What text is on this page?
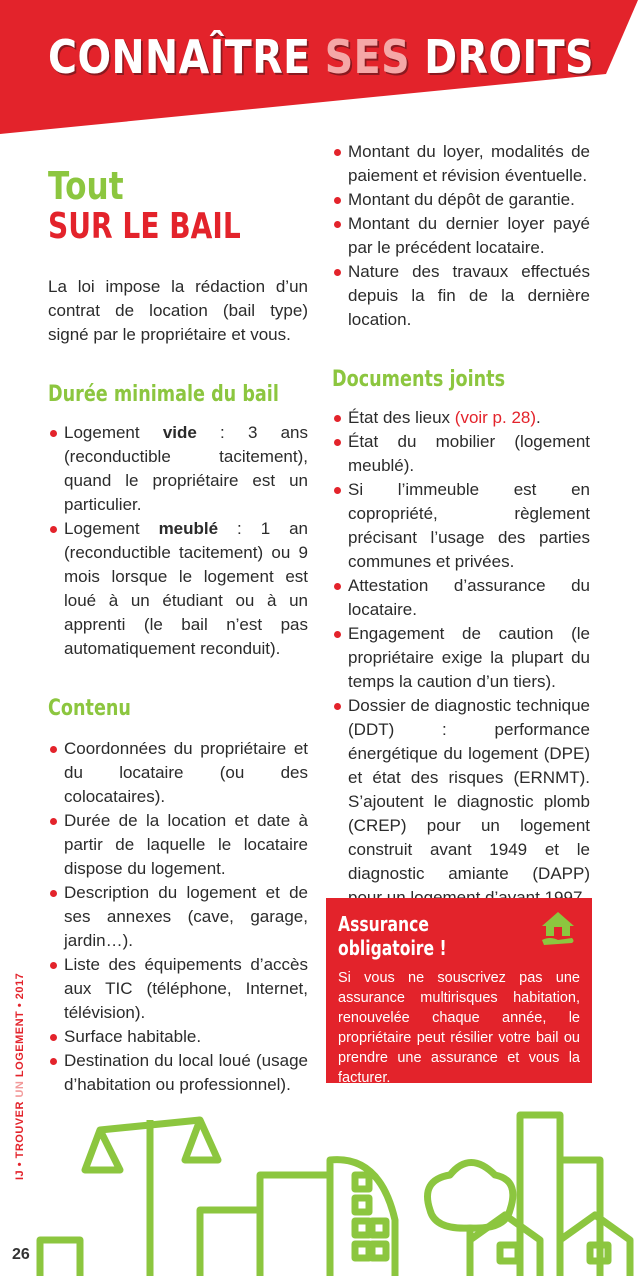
CONNAÎTRE SES DROITS
Tout
SUR LE BAIL

La loi impose la rédaction d’un contrat de location (bail type) signé par le propriétaire et vous.

Durée minimale du bail
Logement vide : 3 ans (reconductible tacitement), quand le propriétaire est un particulier.
Logement meublé : 1 an (reconductible tacitement) ou 9 mois lorsque le logement est loué à un étudiant ou à un apprenti (le bail n’est pas automatiquement reconduit).
Contenu
Coordonnées du propriétaire et du locataire (ou des colocataires).
Durée de la location et date à partir de laquelle le locataire dispose du logement.
Description du logement et de ses annexes (cave, garage, jardin…).
Liste des équipements d’accès aux TIC (téléphone, Internet, télévision).
Surface habitable.
Destination du local loué (usage d’habitation ou professionnel).
Montant du loyer, modalités de paiement et révision éventuelle.
Montant du dépôt de garantie.
Montant du dernier loyer payé par le précédent locataire.
Nature des travaux effectués depuis la fin de la dernière location.
Documents joints
État des lieux (voir p. 28).
État du mobilier (logement meublé).
Si l’immeuble est en copropriété, règlement précisant l’usage des parties communes et privées.
Attestation d’assurance du locataire.
Engagement de caution (le propriétaire exige la plupart du temps la caution d’un tiers).
Dossier de diagnostic technique (DDT) : performance énergétique du logement (DPE) et état des risques (ERNMT). S’ajoutent le diagnostic plomb (CREP) pour un logement construit avant 1949 et le diagnostic amiante (DAPP)
Assurance
obligatoire !

Si vous ne souscrivez pas une assurance multirisques habitation, renouvelée chaque année, le propriétaire peut résilier votre bail ou prendre une assurance et vous la facturer.

IJ • TROUVER UN LOGEMENT • 2017
26
